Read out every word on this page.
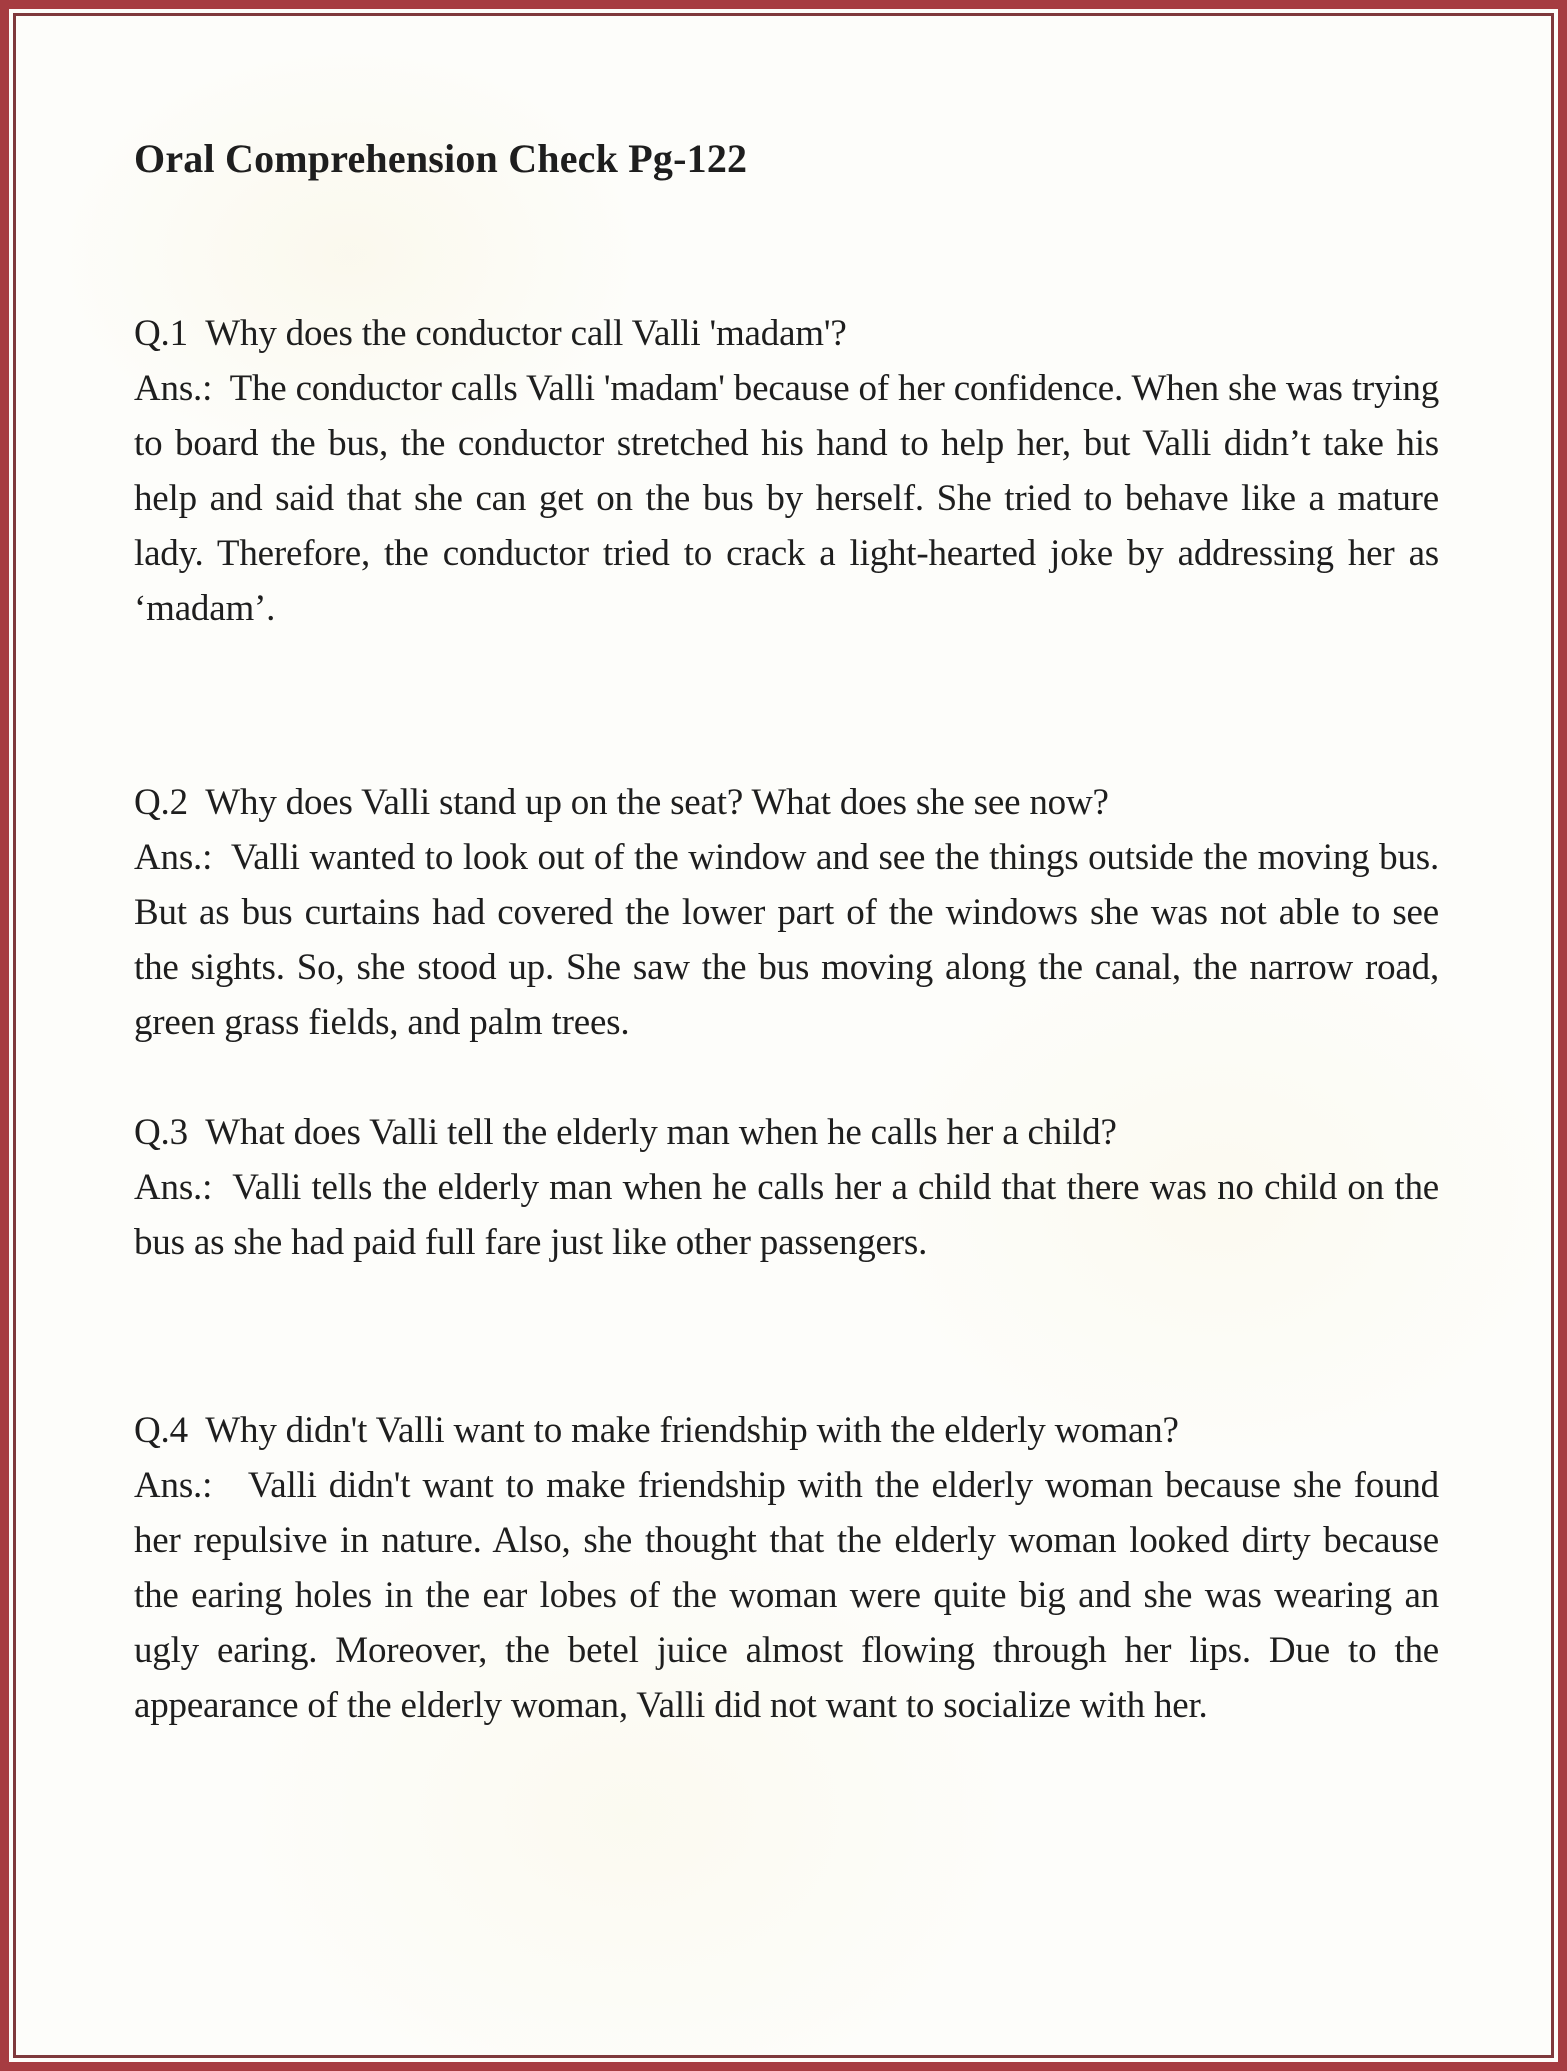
Oral Comprehension Check Pg-122

Q.1  Why does the conductor call Valli 'madam'?

Ans.:  The conductor calls Valli 'madam' because of her confidence. When she was trying to board the bus, the conductor stretched his hand to help her, but Valli didn’t take his help and said that she can get on the bus by herself. She tried to behave like a mature lady. Therefore, the conductor tried to crack a light-hearted joke by addressing her as ‘madam’.

Q.2  Why does Valli stand up on the seat? What does she see now?

Ans.:  Valli wanted to look out of the window and see the things outside the moving bus. But as bus curtains had covered the lower part of the windows she was not able to see the sights. So, she stood up. She saw the bus moving along the canal, the narrow road, green grass fields, and palm trees.

Q.3  What does Valli tell the elderly man when he calls her a child?

Ans.:  Valli tells the elderly man when he calls her a child that there was no child on the bus as she had paid full fare just like other passengers.

Q.4  Why didn't Valli want to make friendship with the elderly woman?

Ans.:   Valli didn't want to make friendship with the elderly woman because she found her repulsive in nature. Also, she thought that the elderly woman looked dirty because the earing holes in the ear lobes of the woman were quite big and she was wearing an ugly earing. Moreover, the betel juice almost flowing through her lips. Due to the appearance of the elderly woman, Valli did not want to socialize with her.
